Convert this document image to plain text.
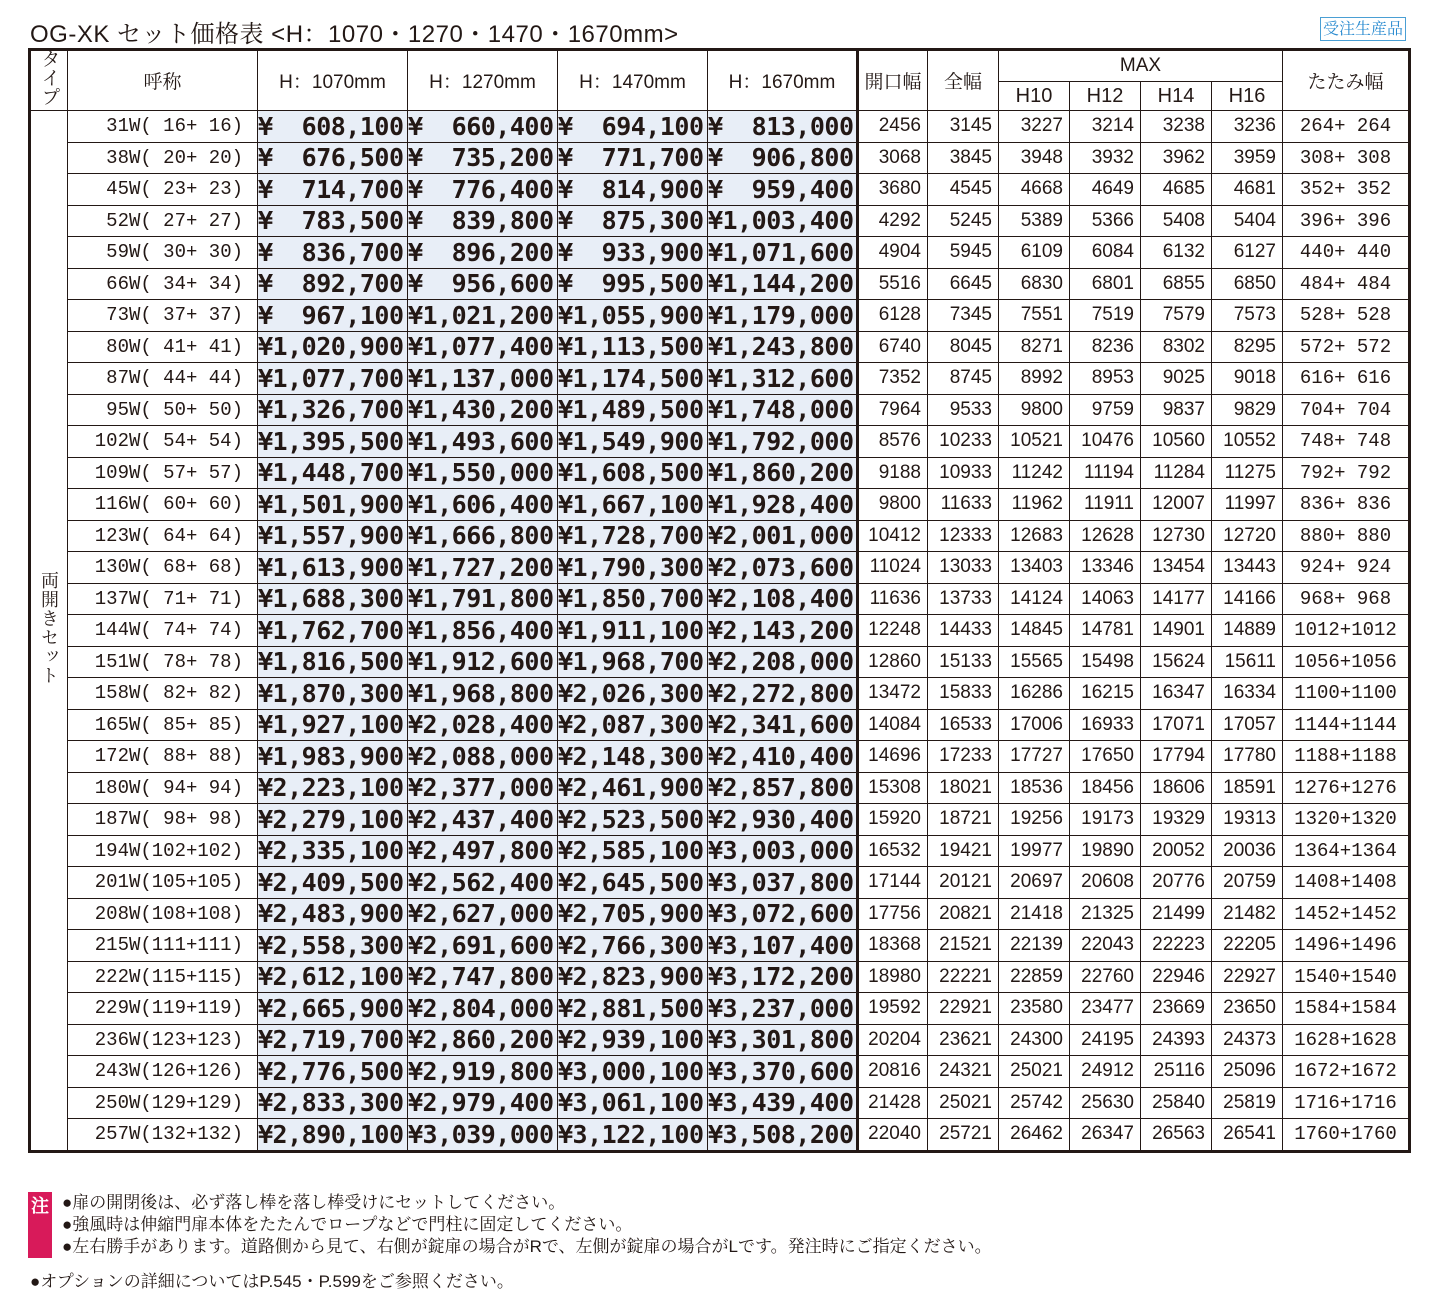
OG-XK セット価格表 <H：1070・1270・1470・1670mm>	受注生産品
タイプ	呼称	H：1070mm	H：1270mm	H：1470mm	H：1670mm	開口幅	全幅	MAX				たたみ幅
								H10	H12	H14	H16	
両開きセット	31W( 16+ 16)	¥  608,100	¥  660,400	¥  694,100	¥  813,000	2456	3145	3227	3214	3238	3236	264+ 264
	38W( 20+ 20)	¥  676,500	¥  735,200	¥  771,700	¥  906,800	3068	3845	3948	3932	3962	3959	308+ 308
	45W( 23+ 23)	¥  714,700	¥  776,400	¥  814,900	¥  959,400	3680	4545	4668	4649	4685	4681	352+ 352
	52W( 27+ 27)	¥  783,500	¥  839,800	¥  875,300	¥1,003,400	4292	5245	5389	5366	5408	5404	396+ 396
	59W( 30+ 30)	¥  836,700	¥  896,200	¥  933,900	¥1,071,600	4904	5945	6109	6084	6132	6127	440+ 440
	66W( 34+ 34)	¥  892,700	¥  956,600	¥  995,500	¥1,144,200	5516	6645	6830	6801	6855	6850	484+ 484
	73W( 37+ 37)	¥  967,100	¥1,021,200	¥1,055,900	¥1,179,000	6128	7345	7551	7519	7579	7573	528+ 528
	80W( 41+ 41)	¥1,020,900	¥1,077,400	¥1,113,500	¥1,243,800	6740	8045	8271	8236	8302	8295	572+ 572
	87W( 44+ 44)	¥1,077,700	¥1,137,000	¥1,174,500	¥1,312,600	7352	8745	8992	8953	9025	9018	616+ 616
	95W( 50+ 50)	¥1,326,700	¥1,430,200	¥1,489,500	¥1,748,000	7964	9533	9800	9759	9837	9829	704+ 704
	102W( 54+ 54)	¥1,395,500	¥1,493,600	¥1,549,900	¥1,792,000	8576	10233	10521	10476	10560	10552	748+ 748
	109W( 57+ 57)	¥1,448,700	¥1,550,000	¥1,608,500	¥1,860,200	9188	10933	11242	11194	11284	11275	792+ 792
	116W( 60+ 60)	¥1,501,900	¥1,606,400	¥1,667,100	¥1,928,400	9800	11633	11962	11911	12007	11997	836+ 836
	123W( 64+ 64)	¥1,557,900	¥1,666,800	¥1,728,700	¥2,001,000	10412	12333	12683	12628	12730	12720	880+ 880
	130W( 68+ 68)	¥1,613,900	¥1,727,200	¥1,790,300	¥2,073,600	11024	13033	13403	13346	13454	13443	924+ 924
	137W( 71+ 71)	¥1,688,300	¥1,791,800	¥1,850,700	¥2,108,400	11636	13733	14124	14063	14177	14166	968+ 968
	144W( 74+ 74)	¥1,762,700	¥1,856,400	¥1,911,100	¥2,143,200	12248	14433	14845	14781	14901	14889	1012+1012
	151W( 78+ 78)	¥1,816,500	¥1,912,600	¥1,968,700	¥2,208,000	12860	15133	15565	15498	15624	15611	1056+1056
	158W( 82+ 82)	¥1,870,300	¥1,968,800	¥2,026,300	¥2,272,800	13472	15833	16286	16215	16347	16334	1100+1100
	165W( 85+ 85)	¥1,927,100	¥2,028,400	¥2,087,300	¥2,341,600	14084	16533	17006	16933	17071	17057	1144+1144
	172W( 88+ 88)	¥1,983,900	¥2,088,000	¥2,148,300	¥2,410,400	14696	17233	17727	17650	17794	17780	1188+1188
	180W( 94+ 94)	¥2,223,100	¥2,377,000	¥2,461,900	¥2,857,800	15308	18021	18536	18456	18606	18591	1276+1276
	187W( 98+ 98)	¥2,279,100	¥2,437,400	¥2,523,500	¥2,930,400	15920	18721	19256	19173	19329	19313	1320+1320
	194W(102+102)	¥2,335,100	¥2,497,800	¥2,585,100	¥3,003,000	16532	19421	19977	19890	20052	20036	1364+1364
	201W(105+105)	¥2,409,500	¥2,562,400	¥2,645,500	¥3,037,800	17144	20121	20697	20608	20776	20759	1408+1408
	208W(108+108)	¥2,483,900	¥2,627,000	¥2,705,900	¥3,072,600	17756	20821	21418	21325	21499	21482	1452+1452
	215W(111+111)	¥2,558,300	¥2,691,600	¥2,766,300	¥3,107,400	18368	21521	22139	22043	22223	22205	1496+1496
	222W(115+115)	¥2,612,100	¥2,747,800	¥2,823,900	¥3,172,200	18980	22221	22859	22760	22946	22927	1540+1540
	229W(119+119)	¥2,665,900	¥2,804,000	¥2,881,500	¥3,237,000	19592	22921	23580	23477	23669	23650	1584+1584
	236W(123+123)	¥2,719,700	¥2,860,200	¥2,939,100	¥3,301,800	20204	23621	24300	24195	24393	24373	1628+1628
	243W(126+126)	¥2,776,500	¥2,919,800	¥3,000,100	¥3,370,600	20816	24321	25021	24912	25116	25096	1672+1672
	250W(129+129)	¥2,833,300	¥2,979,400	¥3,061,100	¥3,439,400	21428	25021	25742	25630	25840	25819	1716+1716
	257W(132+132)	¥2,890,100	¥3,039,000	¥3,122,100	¥3,508,200	22040	25721	26462	26347	26563	26541	1760+1760
注 ●扉の開閉後は、必ず落し棒を落し棒受けにセットしてください。
●強風時は伸縮門扉本体をたたんでロープなどで門柱に固定してください。
●左右勝手があります。道路側から見て、右側が錠扉の場合がRで、左側が錠扉の場合がLです。発注時にご指定ください。
●オプションの詳細についてはP.545・P.599をご参照ください。
